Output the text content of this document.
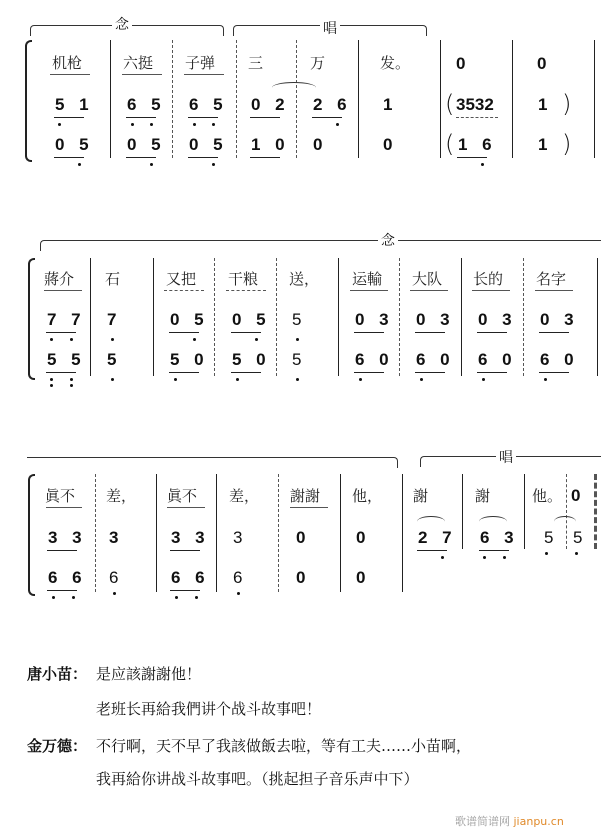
念	唱
机枪
5 1
0 5
六挺
6 5
0 5
子弹
6 5
0 5
三
0 2
1 0
万
2 6
0
发。
1
0
0
( 3532
( 1 6
0
1 )
1 )
念
蔣介
7 7
5 5
石
7
5
又把
0 5
5 0
干粮
0 5
5 0
送，
5
5
运輸
0 3
6 0
大队
0 3
6 0
长的
0 3
6 0
名字
0 3
6 0
唱
眞不
3 3
6 6
差，
3
6
眞不
3 3
6 6
差，
3
6
謝謝
0
0
他，
0
0
謝
2 7
謝
6 3
他。
5
0
5
唐小苗： 是应該謝謝他！
老班长再給我們讲个战斗故事吧！
金万德： 不行啊，天不早了我該做飯去啦，等有工夫……小苗啊，
我再給你讲战斗故事吧。（挑起担子音乐声中下）
歌谱简谱网 jianpu.cn
